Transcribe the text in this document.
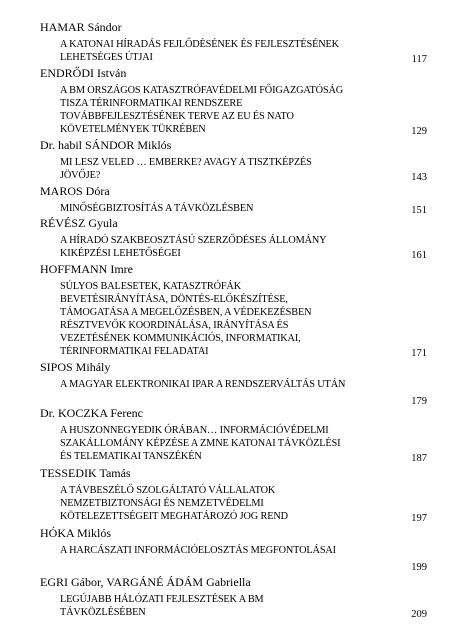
HAMAR Sándor
A KATONAI HÍRADÁS FEJLŐDÉSÉNEK ÉS FEJLESZTÉSÉNEK
LEHETSÉGES ÚTJAI	117
ENDRŐDI István
A BM ORSZÁGOS KATASZTRÓFAVÉDELMI FŐIGAZGATÓSÁG
TISZA TÉRINFORMATIKAI RENDSZERE
TOVÁBBFEJLESZTÉSÉNEK TERVE AZ EU ÉS NATO
KÖVETELMÉNYEK TÜKRÉBEN	129
Dr. habil SÁNDOR Miklós
MI LESZ VELED … EMBERKE? AVAGY A TISZTKÉPZÉS
JÖVŐJE?	143
MAROS Dóra
MINŐSÉGBIZTOSÍTÁS A TÁVKÖZLÉSBEN	151
RÉVÉSZ Gyula
A HÍRADÓ SZAKBEOSZTÁSÚ SZERZŐDÉSES ÁLLOMÁNY
KIKÉPZÉSI LEHETŐSÉGEI	161
HOFFMANN Imre
SÚLYOS BALESETEK, KATASZTRÓFÁK
BEVETÉSIRÁNYÍTÁSA, DÖNTÉS-ELŐKÉSZÍTÉSE,
TÁMOGATÁSA A MEGELŐZÉSBEN, A VÉDEKEZÉSBEN
RÉSZTVEVŐK KOORDINÁLÁSA, IRÁNYÍTÁSA ÉS
VEZETÉSÉNEK KOMMUNIKÁCIÓS, INFORMATIKAI,
TÉRINFORMATIKAI FELADATAI	171
SIPOS Mihály
A MAGYAR ELEKTRONIKAI IPAR A RENDSZERVÁLTÁS UTÁN
179
Dr. KOCZKA Ferenc
A HUSZONNEGYEDIK ÓRÁBAN… INFORMÁCIÓVÉDELMI
SZAKÁLLOMÁNY KÉPZÉSE A ZMNE KATONAI TÁVKÖZLÉSI
ÉS TELEMATIKAI TANSZÉKÉN	187
TESSEDIK Tamás
A TÁVBESZÉLŐ SZOLGÁLTATÓ VÁLLALATOK
NEMZETBIZTONSÁGI ÉS NEMZETVÉDELMI
KÖTELEZETTSÉGEIT MEGHATÁROZÓ JOG REND	197
HÓKA Miklós
A HARCÁSZATI INFORMÁCIÓELOSZTÁS MEGFONTOLÁSAI
199
EGRI Gábor, VARGÁNÉ ÁDÁM Gabriella
LEGÚJABB HÁLÓZATI FEJLESZTÉSEK A BM
TÁVKÖZLÉSÉBEN	209
